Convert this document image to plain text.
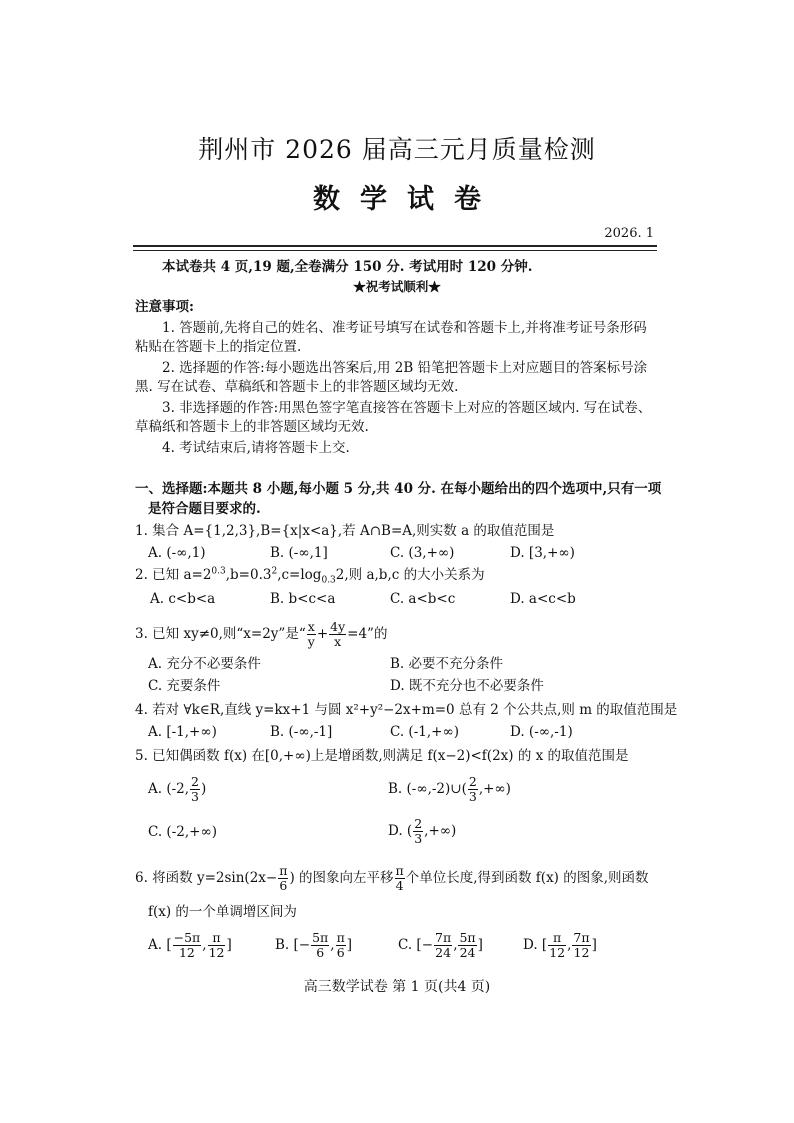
荆州市 2026 届高三元月质量检测
数学试卷
2026. 1
本试卷共 4 页,19 题,全卷满分 150 分. 考试用时 120 分钟.
★祝考试顺利★
注意事项:
1. 答题前,先将自己的姓名、准考证号填写在试卷和答题卡上,并将准考证号条形码
粘贴在答题卡上的指定位置.
2. 选择题的作答:每小题选出答案后,用 2B 铅笔把答题卡上对应题目的答案标号涂
黑. 写在试卷、草稿纸和答题卡上的非答题区域均无效.
3. 非选择题的作答:用黑色签字笔直接答在答题卡上对应的答题区域内. 写在试卷、
草稿纸和答题卡上的非答题区域均无效.
4. 考试结束后,请将答题卡上交.
一、选择题:本题共 8 小题,每小题 5 分,共 40 分. 在每小题给出的四个选项中,只有一项
是符合题目要求的.
1. 集合 A={1,2,3},B={x|x<a},若 A∩B=A,则实数 a 的取值范围是
A. (-∞,1)	B. (-∞,1]	C. (3,+∞)	D. [3,+∞)
2. 已知 $a=2^{0.3},b=0.3^2,c=\log_{0.3}2$,则 a,b,c 的大小关系为
A. c<b<a	B. b<c<a	C. a<b<c	D. a<c<b
3. 已知 xy≠0,则“x=2y”是“ $\frac{x}{y} + \frac{4y}{x} =4$”的
A. 充分不必要条件	B. 必要不充分条件
C. 充要条件	D. 既不充分也不必要条件
4. 若对 ∀k∈R,直线 y=kx+1 与圆 x²+y²−2x+m=0 总有 2 个公共点,则 m 的取值范围是
A. [-1,+∞)	B. (-∞,-1]	C. (-1,+∞)	D. (-∞,-1)
5. 已知偶函数 f(x) 在[0,+∞)上是增函数,则满足 f(x−2)<f(2x) 的 x 的取值范围是
A. (-2, $\frac{2}{3}$ )	B. (-∞,-2)∪( $\frac{2}{3}$ ,+∞)
C. (-2,+∞)	D. ( $\frac{2}{3}$ ,+∞)
6. 将函数 $y=2\sin(2x- \frac{\pi}{6}$ ) 的图象向左平移 $\frac{\pi}{4}$ 个单位长度,得到函数 f(x) 的图象,则函数
f(x) 的一个单调增区间为
A. [ $\frac{-5\pi}{12}$ , $\frac{\pi}{12}$ ]	B. [− $\frac{5\pi}{6}$ , $\frac{\pi}{6}$ ]	C. [− $\frac{7\pi}{24}$ , $\frac{5\pi}{24}$ ]	D. [ $\frac{\pi}{12}$ , $\frac{7\pi}{12}$ ]
高三数学试卷 第 1 页(共4 页)
